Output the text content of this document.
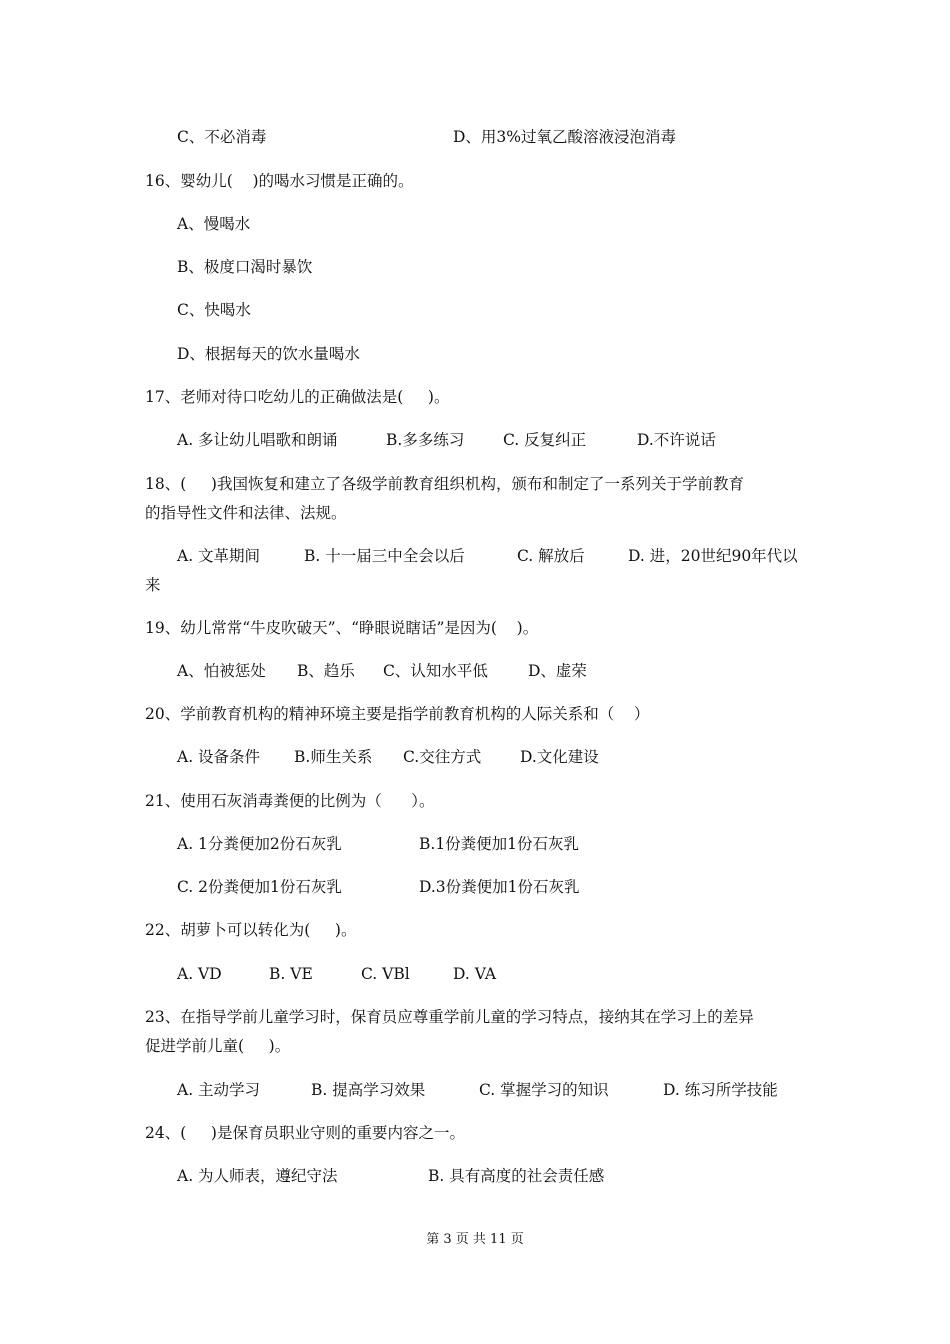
C、不必消毒	D、用3%过氧乙酸溶液浸泡消毒
16、婴幼儿(    )的喝水习惯是正确的。
A、慢喝水
B、极度口渴时暴饮
C、快喝水
D、根据每天的饮水量喝水
17、老师对待口吃幼儿的正确做法是(     )。
A. 多让幼儿唱歌和朗诵	B.多多练习 C. 反复纠正	D.不许说话
18、(     )我国恢复和建立了各级学前教育组织机构，颁布和制定了一系列关于学前教育
的指导性文件和法律、法规。
A. 文革期间	B. 十一届三中全会以后	C. 解放后	D. 进，20世纪90年代以
来
19、幼儿常常“牛皮吹破天”、“睁眼说瞎话”是因为(    )。
A、怕被惩处 B、趋乐 C、认知水平低	D、虚荣
20、学前教育机构的精神环境主要是指学前教育机构的人际关系和（    ）
A. 设备条件 B.师生关系 C.交往方式	D.文化建设
21、使用石灰消毒粪便的比例为（      ）。
A. 1分粪便加2份石灰乳	B.1份粪便加1份石灰乳
C. 2份粪便加1份石灰乳	D.3份粪便加1份石灰乳
22、胡萝卜可以转化为(     )。
A. VD	B. VE	C. VBl	D. VA
23、在指导学前儿童学习时，保育员应尊重学前儿童的学习特点，接纳其在学习上的差异
促进学前儿童(     )。
A. 主动学习	B. 提高学习效果	C. 掌握学习的知识	D. 练习所学技能
24、(     )是保育员职业守则的重要内容之一。
A. 为人师表，遵纪守法	B. 具有高度的社会责任感
第 3 页 共 11 页
